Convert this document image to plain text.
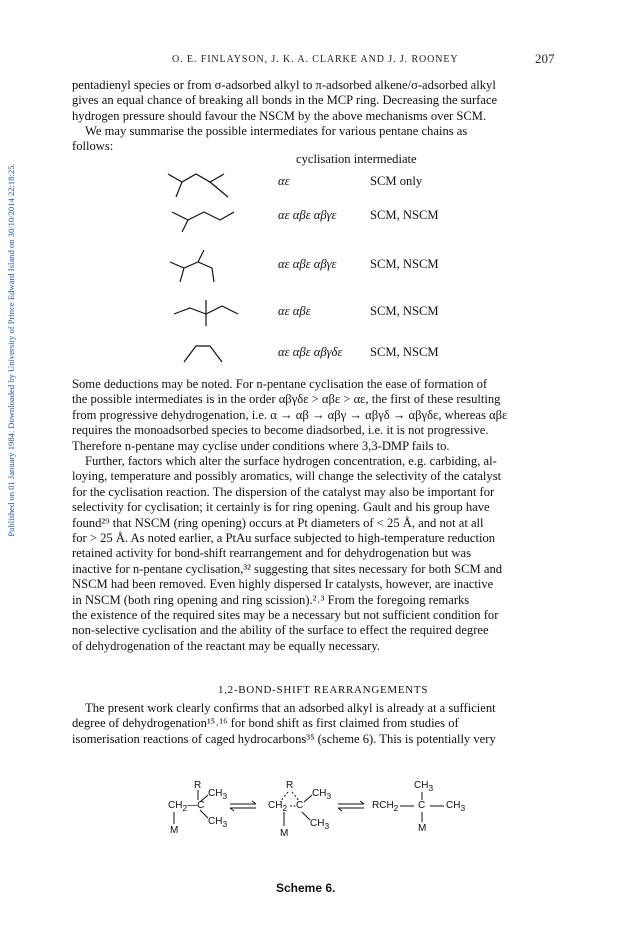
Published on 01 January 1984. Downloaded by University of Prince Edward Island on 30/10/2014 22:18:25.
O. E. FINLAYSON, J. K. A. CLARKE AND J. J. ROONEY	207

pentadienyl species or from σ-adsorbed alkyl to π-adsorbed alkene/σ-adsorbed alkyl

gives an equal chance of breaking all bonds in the MCP ring. Decreasing the surface

hydrogen pressure should favour the NSCM by the above mechanisms over SCM.

We may summarise the possible intermediates for various pentane chains as

follows:

cyclisation intermediate
αε	SCM only
αε αβε αβγε	SCM, NSCM
αε αβε αβγε	SCM, NSCM
αε αβε	SCM, NSCM
αε αβε αβγδε SCM, NSCM

Some deductions may be noted. For n-pentane cyclisation the ease of formation of

the possible intermediates is in the order αβγδε > αβε > αε, the first of these resulting

from progressive dehydrogenation, i.e. α → αβ → αβγ → αβγδ → αβγδε, whereas αβε

requires the monoadsorbed species to become diadsorbed, i.e. it is not progressive.

Therefore n-pentane may cyclise under conditions where 3,3-DMP fails to.

Further, factors which alter the surface hydrogen concentration, e.g. carbiding, al-

loying, temperature and possibly aromatics, will change the selectivity of the catalyst

for the cyclisation reaction. The dispersion of the catalyst may also be important for

selectivity for cyclisation; it certainly is for ring opening. Gault and his group have

found²⁹ that NSCM (ring opening) occurs at Pt diameters of < 25 Å, and not at all

for > 25 Å. As noted earlier, a PtAu surface subjected to high-temperature reduction

retained activity for bond-shift rearrangement and for dehydrogenation but was

inactive for n-pentane cyclisation,³² suggesting that sites necessary for both SCM and

NSCM had been removed. Even highly dispersed Ir catalysts, however, are inactive

in NSCM (both ring opening and ring scission).²˒³ From the foregoing remarks

the existence of the required sites may be a necessary but not sufficient condition for

non-selective cyclisation and the ability of the surface to effect the required degree

of dehydrogenation of the reactant may be equally necessary.

1,2-BOND-SHIFT REARRANGEMENTS

The present work clearly confirms that an adsorbed alkyl is already at a sufficient

degree of dehydrogenation¹⁵˒¹⁶ for bond shift as first claimed from studies of

isomerisation reactions of caged hydrocarbons³⁵ (scheme 6). This is potentially very

R
$CH_3$
$CH_2—C$
$CH_3$
M
R
$CH_3$
$CH_2$ C
$CH_3$
M
$CH_3$
$RCH_2$ C $CH_3$
M
Scheme 6.
